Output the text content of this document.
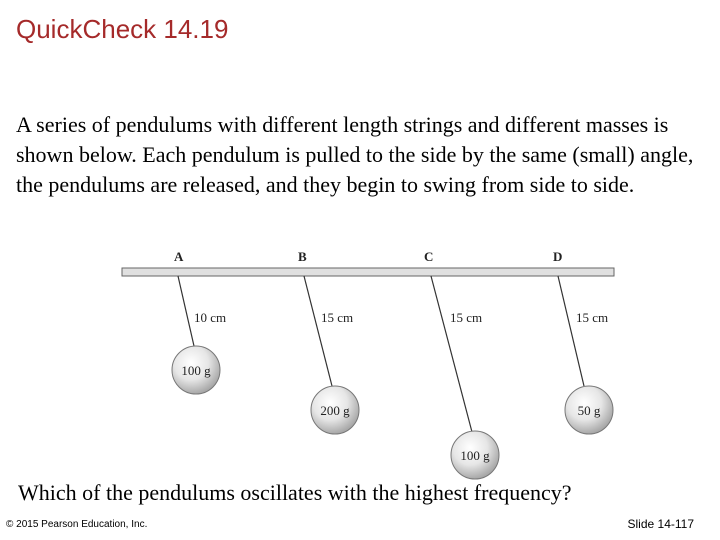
QuickCheck 14.19

A series of pendulums with different length strings and different masses is shown below. Each pendulum is pulled to the side by the same (small) angle, the pendulums are released, and they begin to swing from side to side.

A	B	C	D
10 cm	15 cm	15 cm	15 cm
100 g
200 g
100 g
50 g

Which of the pendulums oscillates with the highest frequency?

© 2015 Pearson Education, Inc.	Slide 14-117
